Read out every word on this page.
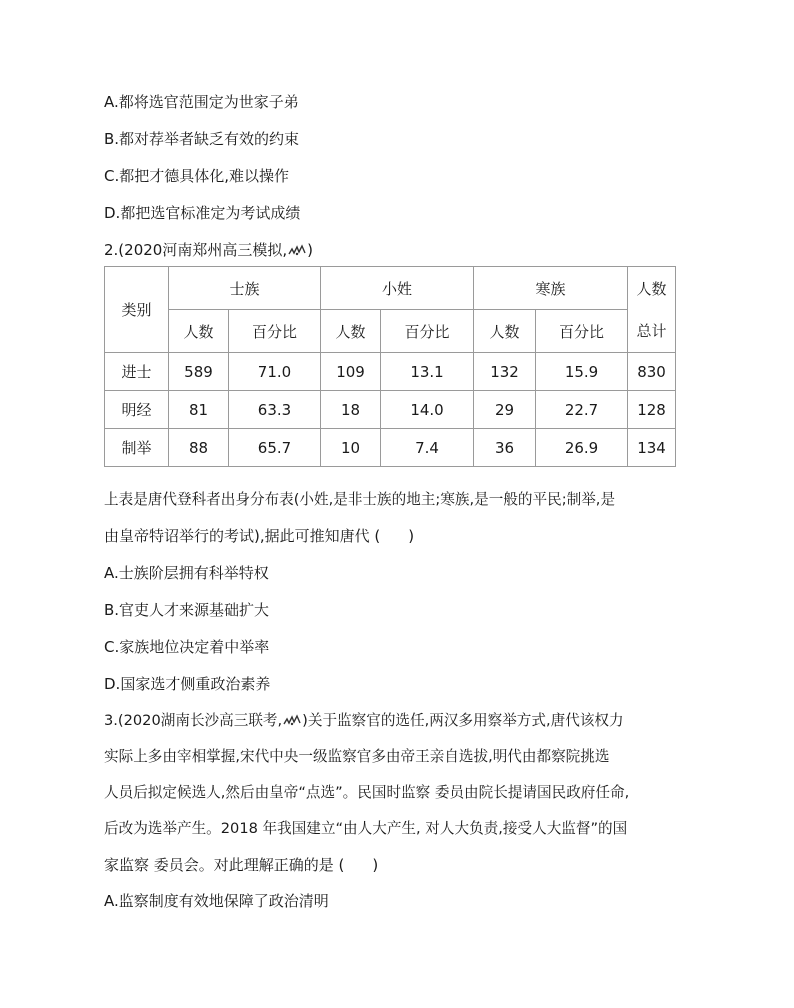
A.都将选官范围定为世家子弟
B.都对荐举者缺乏有效的约束
C.都把才德具体化,难以操作
D.都把选官标准定为考试成绩
2.(2020河南郑州高三模拟, )
类别	士族		小姓		寒族		人数
	人数	百分比	人数	百分比	人数	百分比	总计
进士	589	71.0	109	13.1	132	15.9	830
明经	81	63.3	18	14.0	29	22.7	128
制举	88	65.7	10	7.4	36	26.9	134
上表是唐代登科者出身分布表(小姓,是非士族的地主;寒族,是一般的平民;制举,是
由皇帝特诏举行的考试),据此可推知唐代 ( )
A.士族阶层拥有科举特权
B.官吏人才来源基础扩大
C.家族地位决定着中举率
D.国家选才侧重政治素养
3.(2020湖南长沙高三联考, )关于监察官的选任,两汉多用察举方式,唐代该权力
实际上多由宰相掌握,宋代中央一级监察官多由帝王亲自选拔,明代由都察院挑选
人员后拟定候选人,然后由皇帝“点选”。民国时监察 委员由院长提请国民政府任命,
后改为选举产生。2018 年我国建立“由人大产生, 对人大负责,接受人大监督”的国
家监察 委员会。对此理解正确的是 ( )
A.监察制度有效地保障了政治清明
